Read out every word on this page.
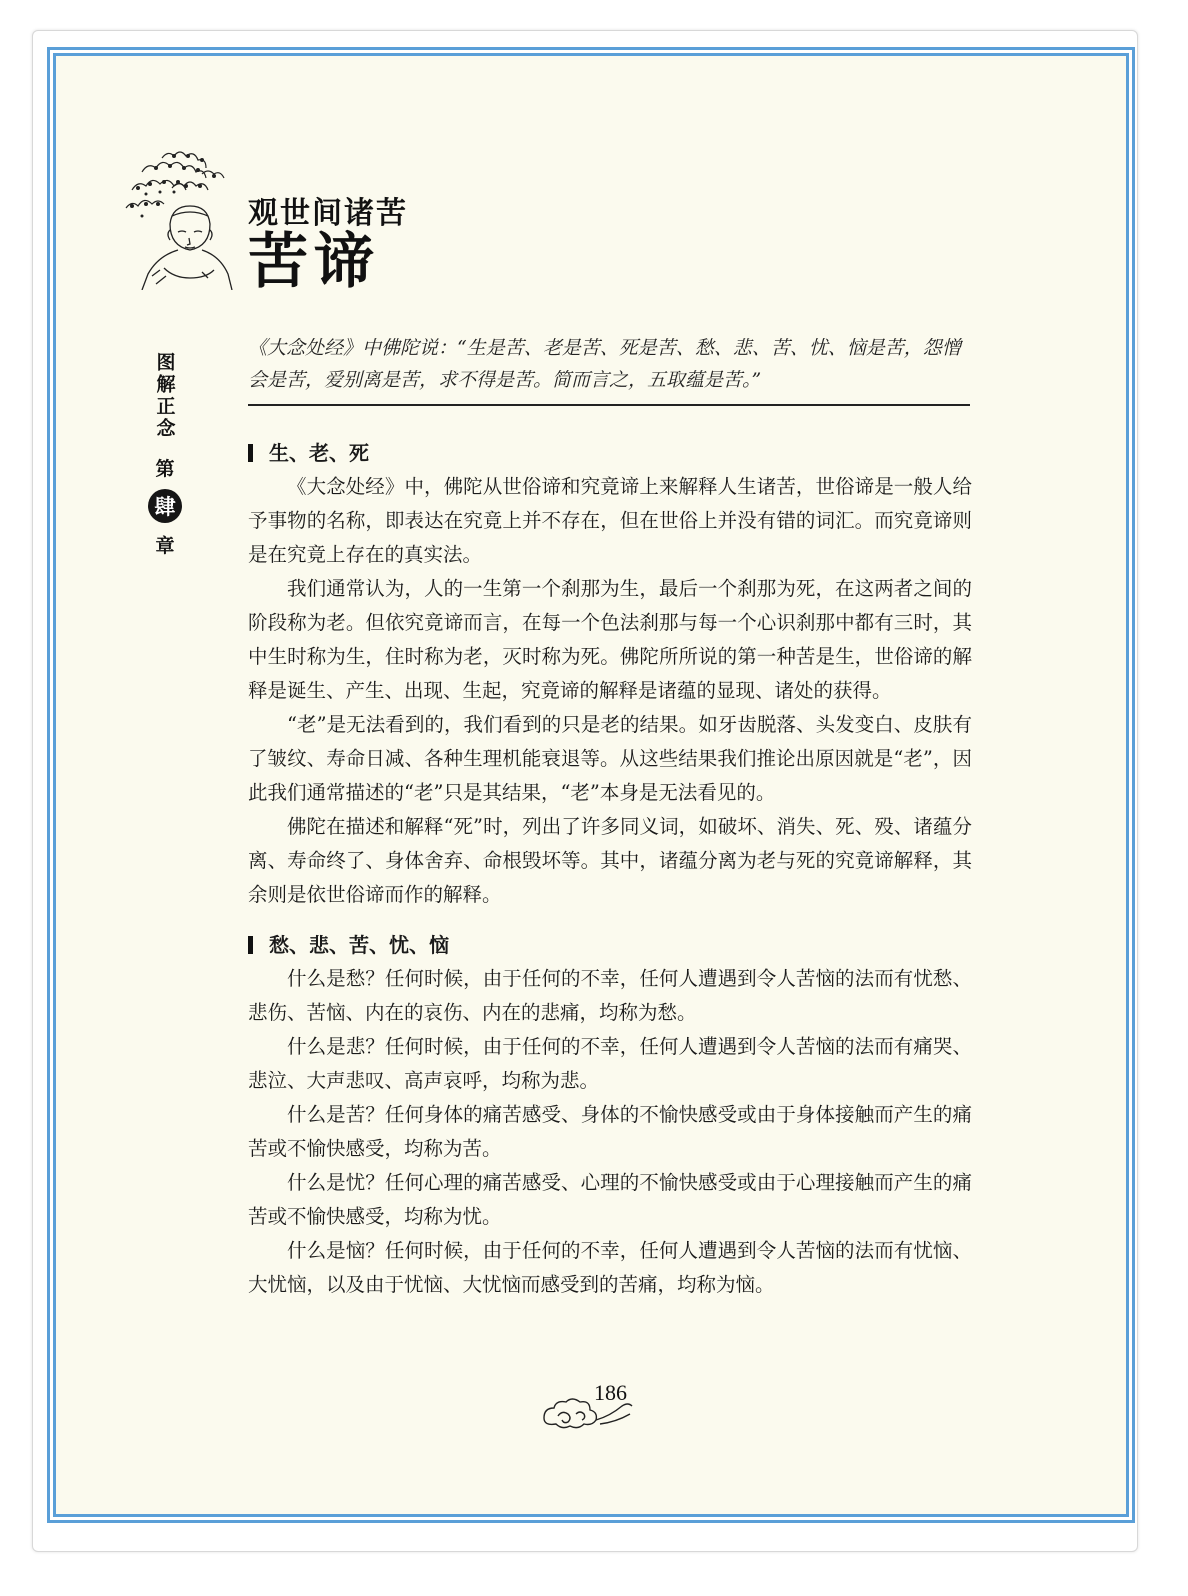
观世间诸苦
苦谛
图解正念
第
肆
章
《大念处经》中佛陀说：“生是苦、老是苦、死是苦、愁、悲、苦、忧、恼是苦，怨憎会是苦，爱别离是苦，求不得是苦。简而言之，五取蕴是苦。”
生、老、死

《大念处经》中，佛陀从世俗谛和究竟谛上来解释人生诸苦，世俗谛是一般人给予事物的名称，即表达在究竟上并不存在，但在世俗上并没有错的词汇。而究竟谛则是在究竟上存在的真实法。

我们通常认为，人的一生第一个刹那为生，最后一个刹那为死，在这两者之间的阶段称为老。但依究竟谛而言，在每一个色法刹那与每一个心识刹那中都有三时，其中生时称为生，住时称为老，灭时称为死。佛陀所所说的第一种苦是生，世俗谛的解释是诞生、产生、出现、生起，究竟谛的解释是诸蕴的显现、诸处的获得。

“老”是无法看到的，我们看到的只是老的结果。如牙齿脱落、头发变白、皮肤有了皱纹、寿命日减、各种生理机能衰退等。从这些结果我们推论出原因就是“老”，因此我们通常描述的“老”只是其结果，“老”本身是无法看见的。

佛陀在描述和解释“死”时，列出了许多同义词，如破坏、消失、死、殁、诸蕴分离、寿命终了、身体舍弃、命根毁坏等。其中，诸蕴分离为老与死的究竟谛解释，其余则是依世俗谛而作的解释。

愁、悲、苦、忧、恼

什么是愁？任何时候，由于任何的不幸，任何人遭遇到令人苦恼的法而有忧愁、悲伤、苦恼、内在的哀伤、内在的悲痛，均称为愁。

什么是悲？任何时候，由于任何的不幸，任何人遭遇到令人苦恼的法而有痛哭、悲泣、大声悲叹、高声哀呼，均称为悲。

什么是苦？任何身体的痛苦感受、身体的不愉快感受或由于身体接触而产生的痛苦或不愉快感受，均称为苦。

什么是忧？任何心理的痛苦感受、心理的不愉快感受或由于心理接触而产生的痛苦或不愉快感受，均称为忧。

什么是恼？任何时候，由于任何的不幸，任何人遭遇到令人苦恼的法而有忧恼、大忧恼，以及由于忧恼、大忧恼而感受到的苦痛，均称为恼。

186
